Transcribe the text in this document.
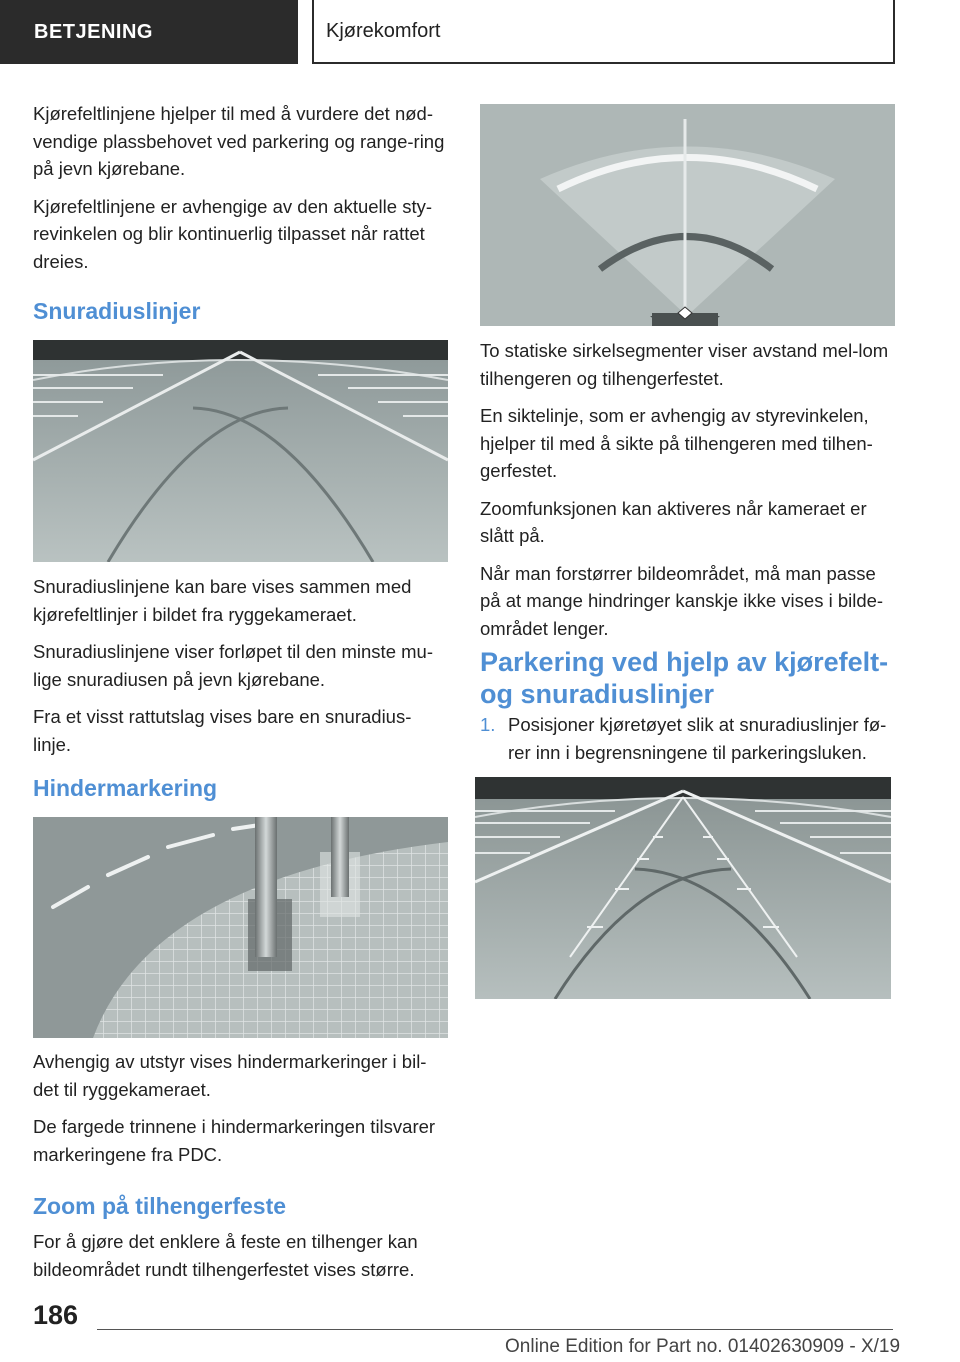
BETJENING	Kjørekomfort

Kjørefeltlinjene hjelper til med å vurdere det nød‐vendige plassbehovet ved parkering og range‐ring på jevn kjørebane.

Kjørefeltlinjene er avhengige av den aktuelle sty‐revinkelen og blir kontinuerlig tilpasset når rattet dreies.

Snuradiuslinjer

Snuradiuslinjene kan bare vises sammen med kjørefeltlinjer i bildet fra ryggekameraet.

Snuradiuslinjene viser forløpet til den minste mu‐lige snuradiusen på jevn kjørebane.

Fra et visst rattutslag vises bare en snuradius‐linje.

Hindermarkering

Avhengig av utstyr vises hindermarkeringer i bil‐det til ryggekameraet.

De fargede trinnene i hindermarkeringen tilsvarer markeringene fra PDC.

Zoom på tilhengerfeste

For å gjøre det enklere å feste en tilhenger kan bildeområdet rundt tilhengerfestet vises større.

To statiske sirkelsegmenter viser avstand mel‐lom tilhengeren og tilhengerfestet.

En siktelinje, som er avhengig av styrevinkelen, hjelper til med å sikte på tilhengeren med tilhen‐gerfestet.

Zoomfunksjonen kan aktiveres når kameraet er slått på.

Når man forstørrer bildeområdet, må man passe på at mange hindringer kanskje ikke vises i bilde‐området lenger.

Parkering ved hjelp av kjørefelt‐og snuradiuslinjer
1. Posisjoner kjøretøyet slik at snuradiuslinjer fø‐rer inn i begrensningene til parkeringsluken.
186
Online Edition for Part no. 01402630909 - X/19
